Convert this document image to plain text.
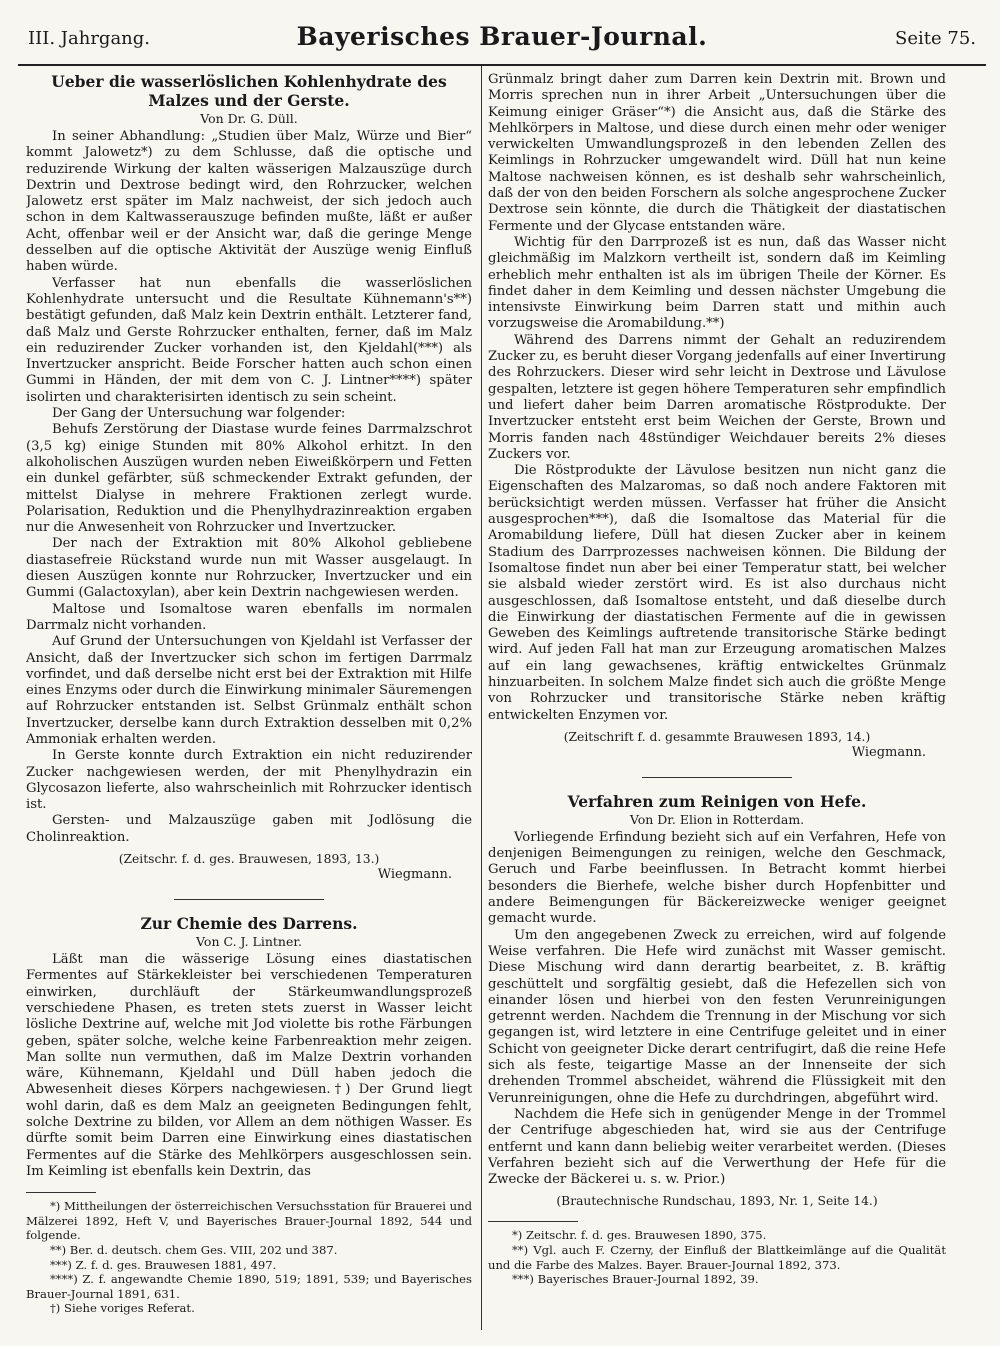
III. Jahrgang.	Bayerisches Brauer-Journal.	Seite 75.
Ueber die wasserlöslichen Kohlenhydrate des Malzes und der Gerste.
Von Dr. G. Düll.

In seiner Abhandlung: „Studien über Malz, Würze und Bier“ kommt Jalowetz*) zu dem Schlusse, daß die optische und reduzirende Wirkung der kalten wässerigen Malzauszüge durch Dextrin und Dextrose bedingt wird, den Rohrzucker, welchen Jalowetz erst später im Malz nachweist, der sich jedoch auch schon in dem Kaltwasserauszuge befinden mußte, läßt er außer Acht, offenbar weil er der Ansicht war, daß die geringe Menge desselben auf die optische Aktivität der Auszüge wenig Einfluß haben würde.

Verfasser hat nun ebenfalls die wasserlöslichen Kohlenhydrate untersucht und die Resultate Kühnemann's**) bestätigt gefunden, daß Malz kein Dextrin enthält. Letzterer fand, daß Malz und Gerste Rohrzucker enthalten, ferner, daß im Malz ein reduzirender Zucker vorhanden ist, den Kjeldahl(***) als Invertzucker anspricht. Beide Forscher hatten auch schon einen Gummi in Händen, der mit dem von C. J. Lintner****) später isolirten und charakterisirten identisch zu sein scheint.

Der Gang der Untersuchung war folgender:

Behufs Zerstörung der Diastase wurde feines Darrmalzschrot (3,5 kg) einige Stunden mit 80% Alkohol erhitzt. In den alkoholischen Auszügen wurden neben Eiweißkörpern und Fetten ein dunkel gefärbter, süß schmeckender Extrakt gefunden, der mittelst Dialyse in mehrere Fraktionen zerlegt wurde. Polarisation, Reduktion und die Phenylhydrazinreaktion ergaben nur die Anwesenheit von Rohrzucker und Invertzucker.

Der nach der Extraktion mit 80% Alkohol gebliebene diastasefreie Rückstand wurde nun mit Wasser ausgelaugt. In diesen Auszügen konnte nur Rohrzucker, Invertzucker und ein Gummi (Galactoxylan), aber kein Dextrin nachgewiesen werden.

Maltose und Isomaltose waren ebenfalls im normalen Darrmalz nicht vorhanden.

Auf Grund der Untersuchungen von Kjeldahl ist Verfasser der Ansicht, daß der Invertzucker sich schon im fertigen Darrmalz vorfindet, und daß derselbe nicht erst bei der Extraktion mit Hilfe eines Enzyms oder durch die Einwirkung minimaler Säuremengen auf Rohrzucker entstanden ist. Selbst Grünmalz enthält schon Invertzucker, derselbe kann durch Extraktion desselben mit 0,2% Ammoniak erhalten werden.

In Gerste konnte durch Extraktion ein nicht reduzirender Zucker nachgewiesen werden, der mit Phenylhydrazin ein Glycosazon lieferte, also wahrscheinlich mit Rohrzucker identisch ist.

Gersten- und Malzauszüge gaben mit Jodlösung die Cholinreaktion.

(Zeitschr. f. d. ges. Brauwesen, 1893, 13.)
Wiegmann.
Zur Chemie des Darrens.
Von C. J. Lintner.

Läßt man die wässerige Lösung eines diastatischen Fermentes auf Stärkekleister bei verschiedenen Temperaturen einwirken, durchläuft der Stärkeumwandlungsprozeß verschiedene Phasen, es treten stets zuerst in Wasser leicht lösliche Dextrine auf, welche mit Jod violette bis rothe Färbungen geben, später solche, welche keine Farbenreaktion mehr zeigen. Man sollte nun vermuthen, daß im Malze Dextrin vorhanden wäre, Kühnemann, Kjeldahl und Düll haben jedoch die Abwesenheit dieses Körpers nachgewiesen.†) Der Grund liegt wohl darin, daß es dem Malz an geeigneten Bedingungen fehlt, solche Dextrine zu bilden, vor Allem an dem nöthigen Wasser. Es dürfte somit beim Darren eine Einwirkung eines diastatischen Fermentes auf die Stärke des Mehlkörpers ausgeschlossen sein. Im Keimling ist ebenfalls kein Dextrin, das

*) Mittheilungen der österreichischen Versuchsstation für Brauerei und Mälzerei 1892, Heft V, und Bayerisches Brauer-Journal 1892, 544 und folgende.

**) Ber. d. deutsch. chem Ges. VIII, 202 und 387.

***) Z. f. d. ges. Brauwesen 1881, 497.

****) Z. f. angewandte Chemie 1890, 519; 1891, 539; und Bayerisches Brauer-Journal 1891, 631.

†) Siehe voriges Referat.

Grünmalz bringt daher zum Darren kein Dextrin mit. Brown und Morris sprechen nun in ihrer Arbeit „Untersuchungen über die Keimung einiger Gräser“*) die Ansicht aus, daß die Stärke des Mehlkörpers in Maltose, und diese durch einen mehr oder weniger verwickelten Umwandlungsprozeß in den lebenden Zellen des Keimlings in Rohrzucker umgewandelt wird. Düll hat nun keine Maltose nachweisen können, es ist deshalb sehr wahrscheinlich, daß der von den beiden Forschern als solche angesprochene Zucker Dextrose sein könnte, die durch die Thätigkeit der diastatischen Fermente und der Glycase entstanden wäre.

Wichtig für den Darrprozeß ist es nun, daß das Wasser nicht gleichmäßig im Malzkorn vertheilt ist, sondern daß im Keimling erheblich mehr enthalten ist als im übrigen Theile der Körner. Es findet daher in dem Keimling und dessen nächster Umgebung die intensivste Einwirkung beim Darren statt und mithin auch vorzugsweise die Aromabildung.**)

Während des Darrens nimmt der Gehalt an reduzirendem Zucker zu, es beruht dieser Vorgang jedenfalls auf einer Invertirung des Rohrzuckers. Dieser wird sehr leicht in Dextrose und Lävulose gespalten, letztere ist gegen höhere Temperaturen sehr empfindlich und liefert daher beim Darren aromatische Röstprodukte. Der Invertzucker entsteht erst beim Weichen der Gerste, Brown und Morris fanden nach 48stündiger Weichdauer bereits 2% dieses Zuckers vor.

Die Röstprodukte der Lävulose besitzen nun nicht ganz die Eigenschaften des Malzaromas, so daß noch andere Faktoren mit berücksichtigt werden müssen. Verfasser hat früher die Ansicht ausgesprochen***), daß die Isomaltose das Material für die Aromabildung liefere, Düll hat diesen Zucker aber in keinem Stadium des Darrprozesses nachweisen können. Die Bildung der Isomaltose findet nun aber bei einer Temperatur statt, bei welcher sie alsbald wieder zerstört wird. Es ist also durchaus nicht ausgeschlossen, daß Isomaltose entsteht, und daß dieselbe durch die Einwirkung der diastatischen Fermente auf die in gewissen Geweben des Keimlings auftretende transitorische Stärke bedingt wird. Auf jeden Fall hat man zur Erzeugung aromatischen Malzes auf ein lang gewachsenes, kräftig entwickeltes Grünmalz hinzuarbeiten. In solchem Malze findet sich auch die größte Menge von Rohrzucker und transitorische Stärke neben kräftig entwickelten Enzymen vor.

(Zeitschrift f. d. gesammte Brauwesen 1893, 14.)
Wiegmann.
Verfahren zum Reinigen von Hefe.
Von Dr. Elion in Rotterdam.

Vorliegende Erfindung bezieht sich auf ein Verfahren, Hefe von denjenigen Beimengungen zu reinigen, welche den Geschmack, Geruch und Farbe beeinflussen. In Betracht kommt hierbei besonders die Bierhefe, welche bisher durch Hopfenbitter und andere Beimengungen für Bäckereizwecke weniger geeignet gemacht wurde.

Um den angegebenen Zweck zu erreichen, wird auf folgende Weise verfahren. Die Hefe wird zunächst mit Wasser gemischt. Diese Mischung wird dann derartig bearbeitet, z. B. kräftig geschüttelt und sorgfältig gesiebt, daß die Hefezellen sich von einander lösen und hierbei von den festen Verunreinigungen getrennt werden. Nachdem die Trennung in der Mischung vor sich gegangen ist, wird letztere in eine Centrifuge geleitet und in einer Schicht von geeigneter Dicke derart centrifugirt, daß die reine Hefe sich als feste, teigartige Masse an der Innenseite der sich drehenden Trommel abscheidet, während die Flüssigkeit mit den Verunreinigungen, ohne die Hefe zu durchdringen, abgeführt wird.

Nachdem die Hefe sich in genügender Menge in der Trommel der Centrifuge abgeschieden hat, wird sie aus der Centrifuge entfernt und kann dann beliebig weiter verarbeitet werden. (Dieses Verfahren bezieht sich auf die Verwerthung der Hefe für die Zwecke der Bäckerei u. s. w. Prior.)

(Brautechnische Rundschau, 1893, Nr. 1, Seite 14.)

*) Zeitschr. f. d. ges. Brauwesen 1890, 375.

**) Vgl. auch F. Czerny, der Einfluß der Blattkeimlänge auf die Qualität und die Farbe des Malzes. Bayer. Brauer-Journal 1892, 373.

***) Bayerisches Brauer-Journal 1892, 39.
